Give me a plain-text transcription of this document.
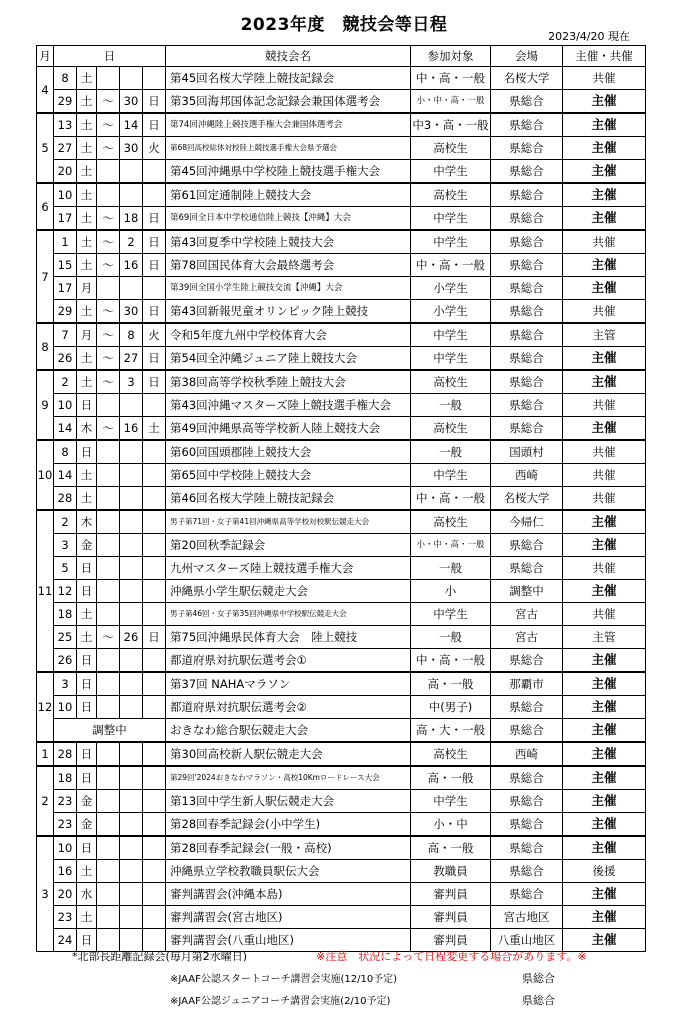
2023年度　競技会等日程
2023/4/20 現在
月	日					競技会名	参加対象	会場	主催・共催
4	8	土				第45回名桜大学陸上競技記録会	中・高・一般	名桜大学	共催
	29	土	～	30	日	第35回海邦国体記念記録会兼国体選考会	小・中・高・一般	県総合	主催
5	13	土	～	14	日	第74回沖縄陸上競技選手権大会兼国体選考会	中3・高・一般	県総合	主催
	27	土	～	30	火	第68回高校総体対校陸上競技選手権大会県予選会	高校生	県総合	主催
	20	土				第45回沖縄県中学校陸上競技選手権大会	中学生	県総合	主催
6	10	土				第61回定通制陸上競技大会	高校生	県総合	主催
	17	土	～	18	日	第69回全日本中学校通信陸上競技【沖縄】大会	中学生	県総合	主催
7	1	土	～	2	日	第43回夏季中学校陸上競技大会	中学生	県総合	共催
	15	土	～	16	日	第78回国民体育大会最終選考会	中・高・一般	県総合	主催
	17	月				第39回全国小学生陸上競技交流【沖縄】大会	小学生	県総合	主催
	29	土	～	30	日	第43回新報児童オリンピック陸上競技	小学生	県総合	共催
8	7	月	～	8	火	令和5年度九州中学校体育大会	中学生	県総合	主管
	26	土	～	27	日	第54回全沖縄ジュニア陸上競技大会	中学生	県総合	主催
9	2	土	～	3	日	第38回高等学校秋季陸上競技大会	高校生	県総合	主催
	10	日				第43回沖縄マスターズ陸上競技選手権大会	一般	県総合	共催
	14	木	～	16	土	第49回沖縄県高等学校新人陸上競技大会	高校生	県総合	主催
10	8	日				第60回国頭郡陸上競技大会	一般	国頭村	共催
	14	土				第65回中学校陸上競技大会	中学生	西崎	共催
	28	土				第46回名桜大学陸上競技記録会	中・高・一般	名桜大学	共催
11	2	木				男子第71回・女子第41回沖縄県高等学校対校駅伝競走大会	高校生	今帰仁	主催
	3	金				第20回秋季記録会	小・中・高・一般	県総合	主催
	5	日				九州マスターズ陸上競技選手権大会	一般	県総合	共催
	12	日				沖縄県小学生駅伝競走大会	小	調整中	主催
	18	土				男子第46回・女子第35回沖縄県中学校駅伝競走大会	中学生	宮古	共催
	25	土	～	26	日	第75回沖縄県民体育大会　陸上競技	一般	宮古	主管
	26	日				都道府県対抗駅伝選考会①	中・高・一般	県総合	主催
12	3	日				第37回 NAHAマラソン	高・一般	那覇市	主催
	10	日				都道府県対抗駅伝選考会②	中(男子)	県総合	主催
	調整中					おきなわ総合駅伝競走大会	高・大・一般	県総合	主催
1	28	日				第30回高校新人駅伝競走大会	高校生	西崎	主催
2	18	日				第29回'2024おきなわマラソン・高校10Kmロードレース大会	高・一般	県総合	主催
	23	金				第13回中学生新人駅伝競走大会	中学生	県総合	主催
	23	金				第28回春季記録会(小中学生)	小・中	県総合	主催
3	10	日				第28回春季記録会(一般・高校)	高・一般	県総合	主催
	16	土				沖縄県立学校教職員駅伝大会	教職員	県総合	後援
	20	水				審判講習会(沖縄本島)	審判員	県総合	主催
	23	土				審判講習会(宮古地区)	審判員	宮古地区	主催
	24	日				審判講習会(八重山地区)	審判員	八重山地区	主催
*北部長距離記録会(毎月第2水曜日)	※注意　状況によって日程変更する場合があります。※
※JAAF公認スタートコーチ講習会実施(12/10予定)	県総合
※JAAF公認ジュニアコーチ講習会実施(2/10予定)	県総合
